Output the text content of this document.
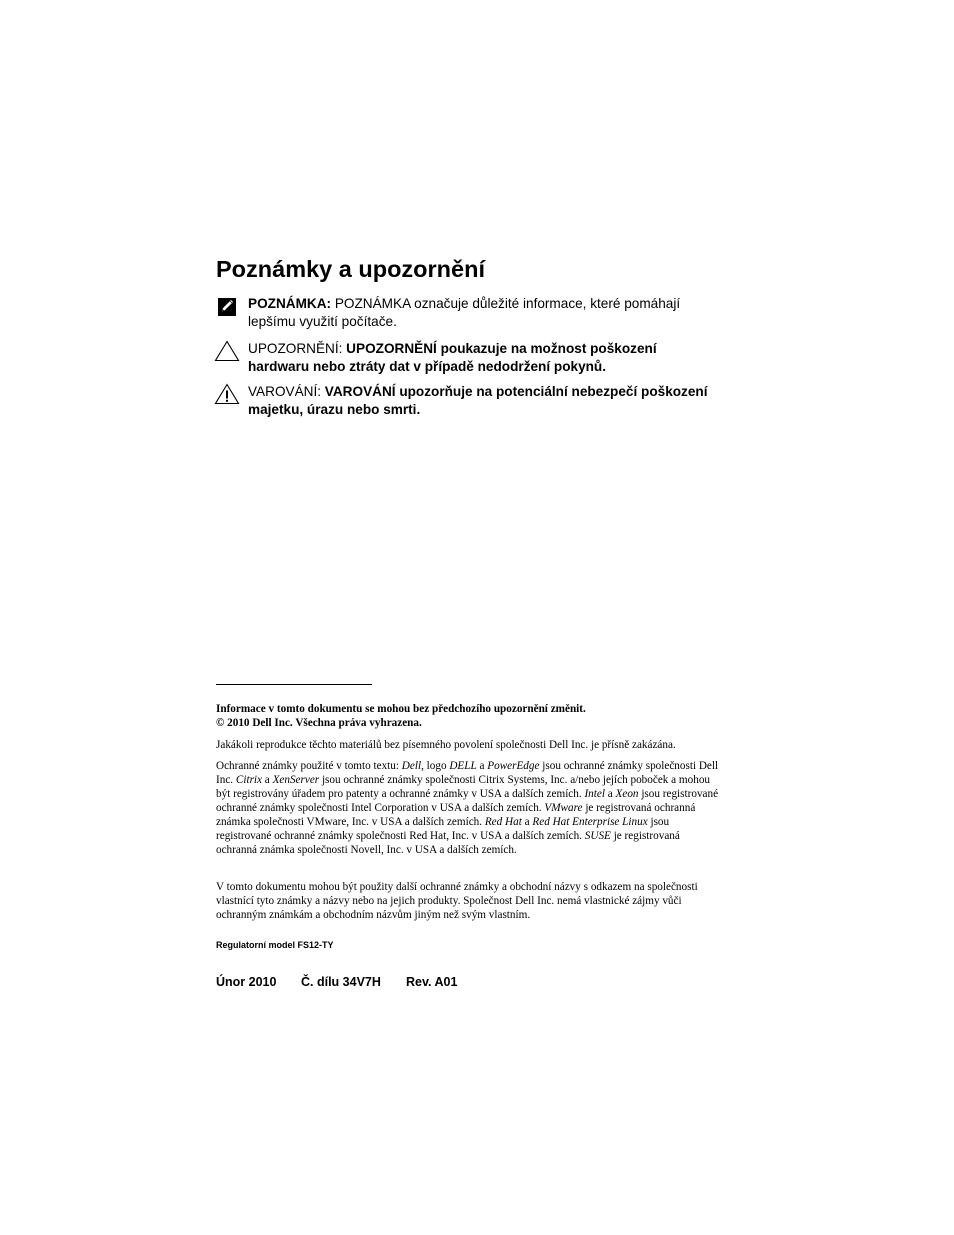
Poznámky a upozornění
POZNÁMKA: POZNÁMKA označuje důležité informace, které pomáhají lepšímu využití počítače.
UPOZORNĚNÍ: UPOZORNĚNÍ poukazuje na možnost poškození hardwaru nebo ztráty dat v případě nedodržení pokynů.
VAROVÁNÍ: VAROVÁNÍ upozorňuje na potenciální nebezpečí poškození majetku, úrazu nebo smrti.

Informace v tomto dokumentu se mohou bez předchozího upozornění změnit.
© 2010 Dell Inc. Všechna práva vyhrazena.

Jakákoli reprodukce těchto materiálů bez písemného povolení společnosti Dell Inc. je přísně zakázána.

Ochranné známky použité v tomto textu: Dell, logo DELL a PowerEdge jsou ochranné známky společnosti Dell Inc. Citrix a XenServer jsou ochranné známky společnosti Citrix Systems, Inc. a/nebo jejích poboček a mohou být registrovány úřadem pro patenty a ochranné známky v USA a dalších zemích. Intel a Xeon jsou registrované ochranné známky společnosti Intel Corporation v USA a dalších zemích. VMware je registrovaná ochranná známka společnosti VMware, Inc. v USA a dalších zemích. Red Hat a Red Hat Enterprise Linux jsou registrované ochranné známky společnosti Red Hat, Inc. v USA a dalších zemích. SUSE je registrovaná ochranná známka společnosti Novell, Inc. v USA a dalších zemích.

V tomto dokumentu mohou být použity další ochranné známky a obchodní názvy s odkazem na společnosti vlastnící tyto známky a názvy nebo na jejich produkty. Společnost Dell Inc. nemá vlastnické zájmy vůči ochranným známkám a obchodním názvům jiným než svým vlastním.

Regulatorní model FS12-TY
Únor 2010 Č. dílu 34V7H Rev. A01
